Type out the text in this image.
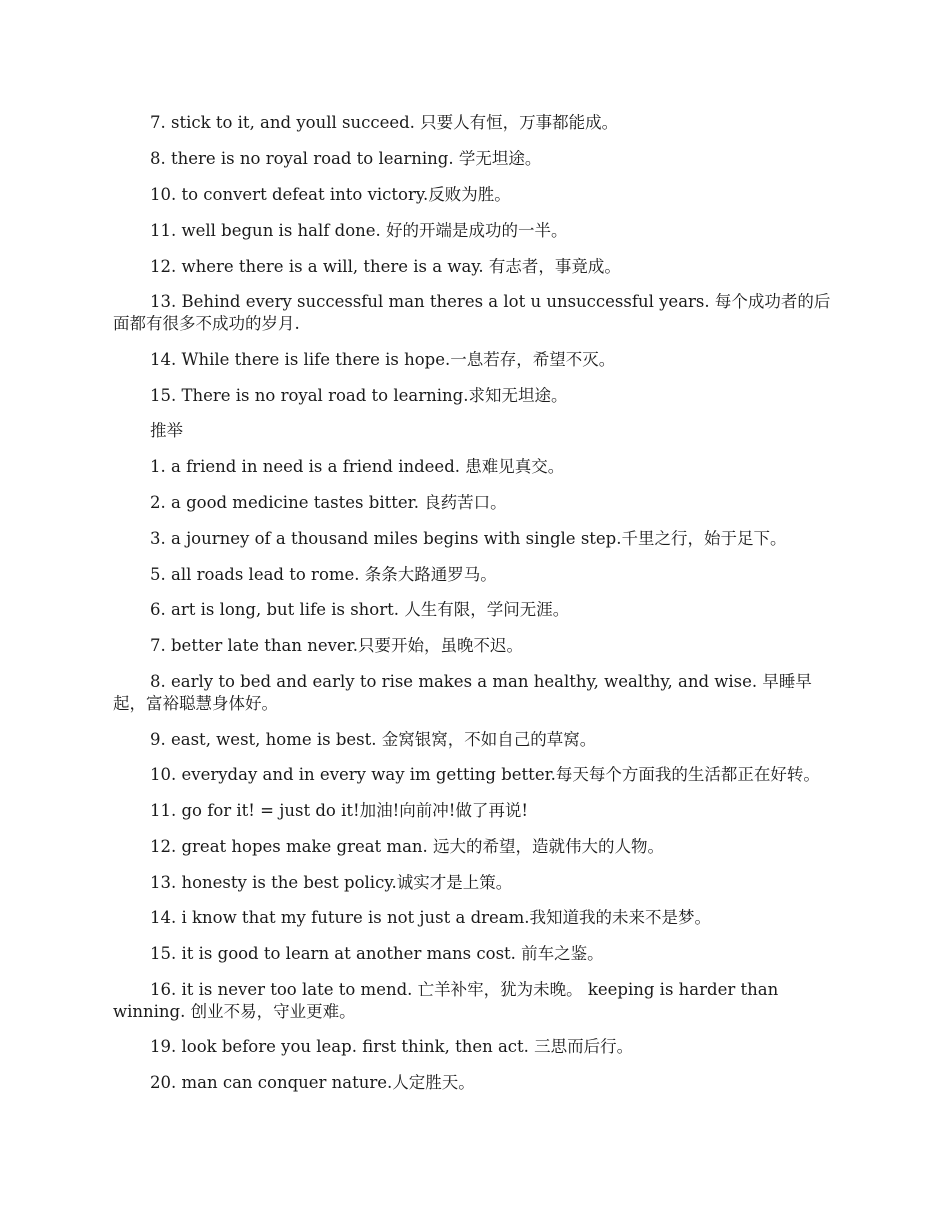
7. stick to it, and youll succeed. 只要人有恒，万事都能成。

8. there is no royal road to learning. 学无坦途。

10. to convert defeat into victory.反败为胜。

11. well begun is half done. 好的开端是成功的一半。

12. where there is a will, there is a way. 有志者，事竟成。

13. Behind every successful man theres a lot u unsuccessful years. 每个成功者的后面都有很多不成功的岁月.

14. While there is life there is hope.一息若存，希望不灭。

15. There is no royal road to learning.求知无坦途。

推举

1. a friend in need is a friend indeed. 患难见真交。

2. a good medicine tastes bitter. 良药苦口。

3. a journey of a thousand miles begins with single step.千里之行，始于足下。

5. all roads lead to rome. 条条大路通罗马。

6. art is long, but life is short. 人生有限，学问无涯。

7. better late than never.只要开始，虽晚不迟。

8. early to bed and early to rise makes a man healthy, wealthy, and wise. 早睡早起，富裕聪慧身体好。

9. east, west, home is best. 金窝银窝，不如自己的草窝。

10. everyday and in every way im getting better.每天每个方面我的生活都正在好转。

11. go for it! = just do it!加油!向前冲!做了再说!

12. great hopes make great man. 远大的希望，造就伟大的人物。

13. honesty is the best policy.诚实才是上策。

14. i know that my future is not just a dream.我知道我的未来不是梦。

15. it is good to learn at another mans cost. 前车之鉴。

16. it is never too late to mend. 亡羊补牢，犹为未晚。 keeping is harder than winning. 创业不易，守业更难。

19. look before you leap. first think, then act. 三思而后行。

20. man can conquer nature.人定胜天。
